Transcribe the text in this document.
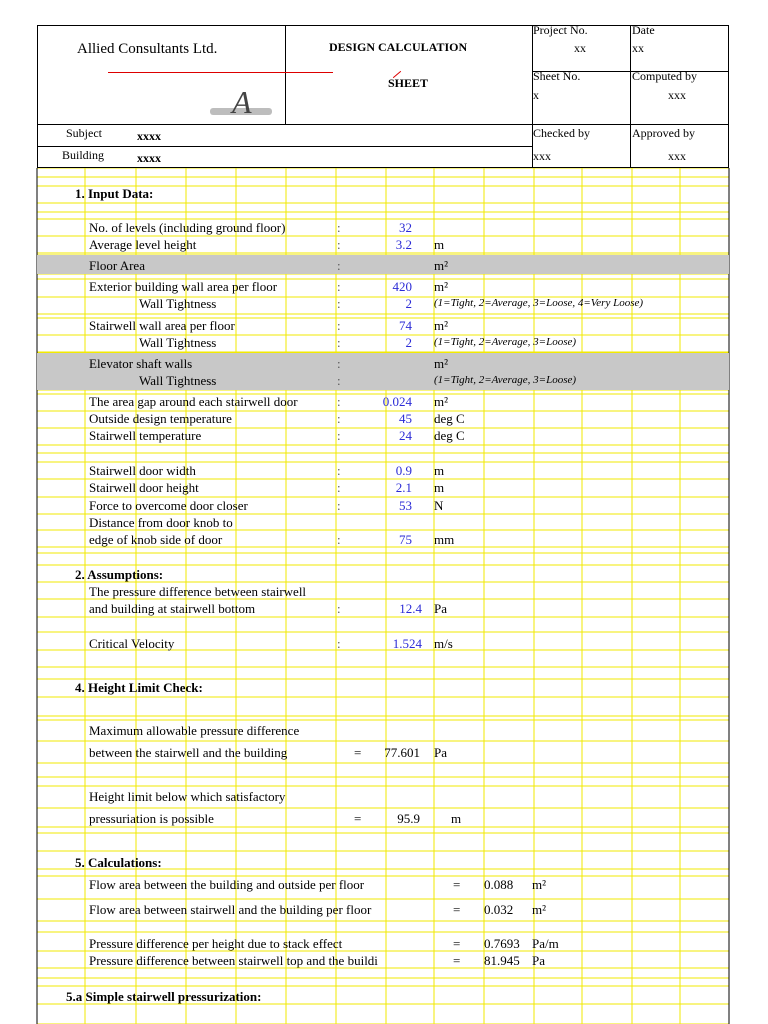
Allied Consultants Ltd.
A
DESIGN CALCULATION
SHEET
Project No.
xx
Date
xx
Sheet No.
x
Computed by
xxx
Checked by
xxx
Approved by
xxx
Subject	xxxx
Building	xxxx
No. of levels (including ground floor)	:	32
Average level height	:	3.2 m
Floor Area	:	m²
Exterior building wall area per floor	:	420 m²
Wall Tightness	:	2 (1=Tight, 2=Average, 3=Loose, 4=Very Loose)
Stairwell wall area per floor	:	74 m²
Wall Tightness	:	2 (1=Tight, 2=Average, 3=Loose)
Elevator shaft walls	:	m²
Wall Tightness	:	(1=Tight, 2=Average, 3=Loose)
The area gap around each stairwell door	:	0.024 m²
Outside design temperature	:	45 deg C
Stairwell temperature	:	24 deg C
Stairwell door width	:	0.9 m
Stairwell door height	:	2.1 m
Force to overcome door closer	:	53 N
Distance from door knob to
edge of knob side of door	:	75 mm
The pressure difference between stairwell
and building at stairwell bottom	:	12.4 Pa
Critical Velocity	:	1.524 m/s
Maximum allowable pressure difference
between the stairwell and the building	=	77.601 Pa
Height limit below which satisfactory
pressuriation is possible	=	95.9 m
Flow area between the building and outside per floor	= 0.088 m²
Flow area between stairwell and the building per floor	= 0.032 m²
Pressure difference per height due to stack effect	= 0.7693 Pa/m
Pressure difference between stairwell top and the buildi	= 81.945 Pa
1. Input Data:
2. Assumptions:
4. Height Limit Check:
5. Calculations:
5.a Simple stairwell pressurization:
